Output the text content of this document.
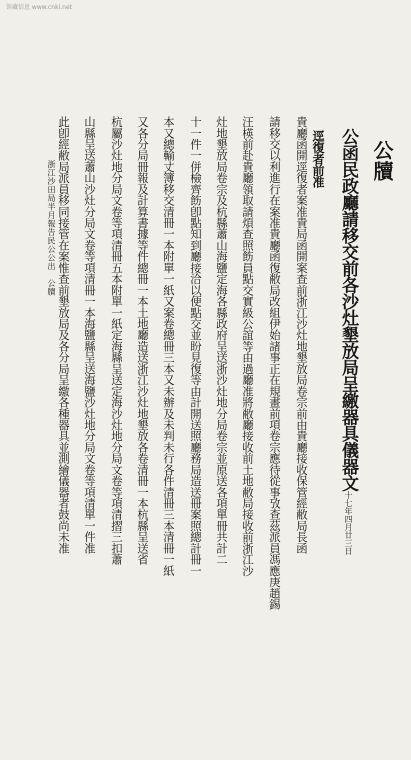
馆藏信息 www.cnki.net
公牘
公函民政廳請移交前各沙灶墾放局呈繳器具儀器文十七年四月廿三日
逕復者前准
貴廳函開逕復者案准貴局函開案查前浙江沙灶地墾放局卷宗前由貴廳接收保管經敝局長函
請移交以利進行在案准貴廳函復敝局改組伊始諸事正在規畫前項卷宗應待從事攷查茲派員馮應庚趙錫
汪楧前赴貴廳領取請煩查照飭員點交實級公誼等由過廳准將敝廳接收前土地敝局接收前浙江沙
灶地墾放局卷宗及杭縣蕭山海鹽定海各縣政府呈送浙沙灶地分局卷宗並原送各項單冊共計二
十一件一併檢齊飭卽點知到廳接洽以便點交並盼見復等由計開送照廳務局造送冊案照總計冊一
本又總輸丈簿移交清冊一本附單一紙又案卷總冊三本又未辦及未判未行各件清冊三本清冊一紙
又各分局冊報及計算書據等件總冊一本土地廳造送浙江沙灶地墾放各卷清冊一本杭縣呈送省
杭屬沙灶地分局文卷等項清冊五本附單一紙定海縣呈送定海沙灶地分局文卷等項清摺三扣蕭
山縣呈送蕭山沙灶分局文卷等項清冊一本海鹽縣呈送海鹽沙灶地分局文卷等項清單一件准
此卽經敝局派員移同接管在案惟查前墾放局及各分局呈繳各種器具並測繪儀器者鼓尚未准
浙江沙田局半月報告民公公出　公牘
